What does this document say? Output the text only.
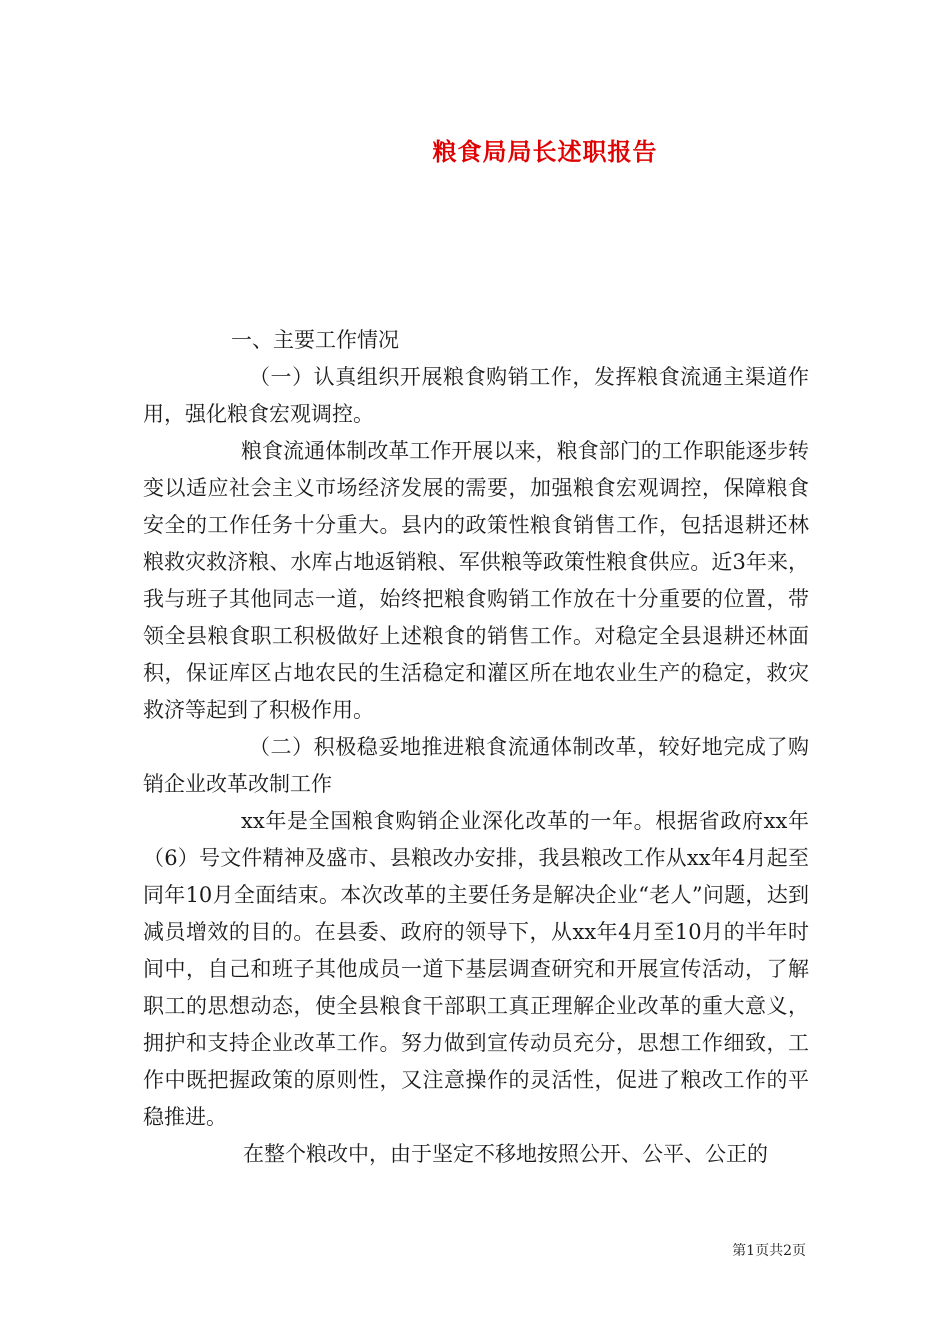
粮食局局长述职报告

一、主要工作情况

（一）认真组织开展粮食购销工作，发挥粮食流通主渠道作用，强化粮食宏观调控。

粮食流通体制改革工作开展以来，粮食部门的工作职能逐步转变以适应社会主义市场经济发展的需要，加强粮食宏观调控，保障粮食安全的工作任务十分重大。县内的政策性粮食销售工作，包括退耕还林粮救灾救济粮、水库占地返销粮、军供粮等政策性粮食供应。近3年来，我与班子其他同志一道，始终把粮食购销工作放在十分重要的位置，带领全县粮食职工积极做好上述粮食的销售工作。对稳定全县退耕还林面积，保证库区占地农民的生活稳定和灌区所在地农业生产的稳定，救灾救济等起到了积极作用。

（二）积极稳妥地推进粮食流通体制改革，较好地完成了购销企业改革改制工作

xx年是全国粮食购销企业深化改革的一年。根据省政府xx年（6）号文件精神及盛市、县粮改办安排，我县粮改工作从xx年4月起至同年10月全面结束。本次改革的主要任务是解决企业“老人”问题，达到减员增效的目的。在县委、政府的领导下，从xx年4月至10月的半年时间中，自己和班子其他成员一道下基层调查研究和开展宣传活动，了解职工的思想动态，使全县粮食干部职工真正理解企业改革的重大意义，拥护和支持企业改革工作。努力做到宣传动员充分，思想工作细致，工作中既把握政策的原则性，又注意操作的灵活性，促进了粮改工作的平稳推进。

在整个粮改中，由于坚定不移地按照公开、公平、公正的

第1页共2页
